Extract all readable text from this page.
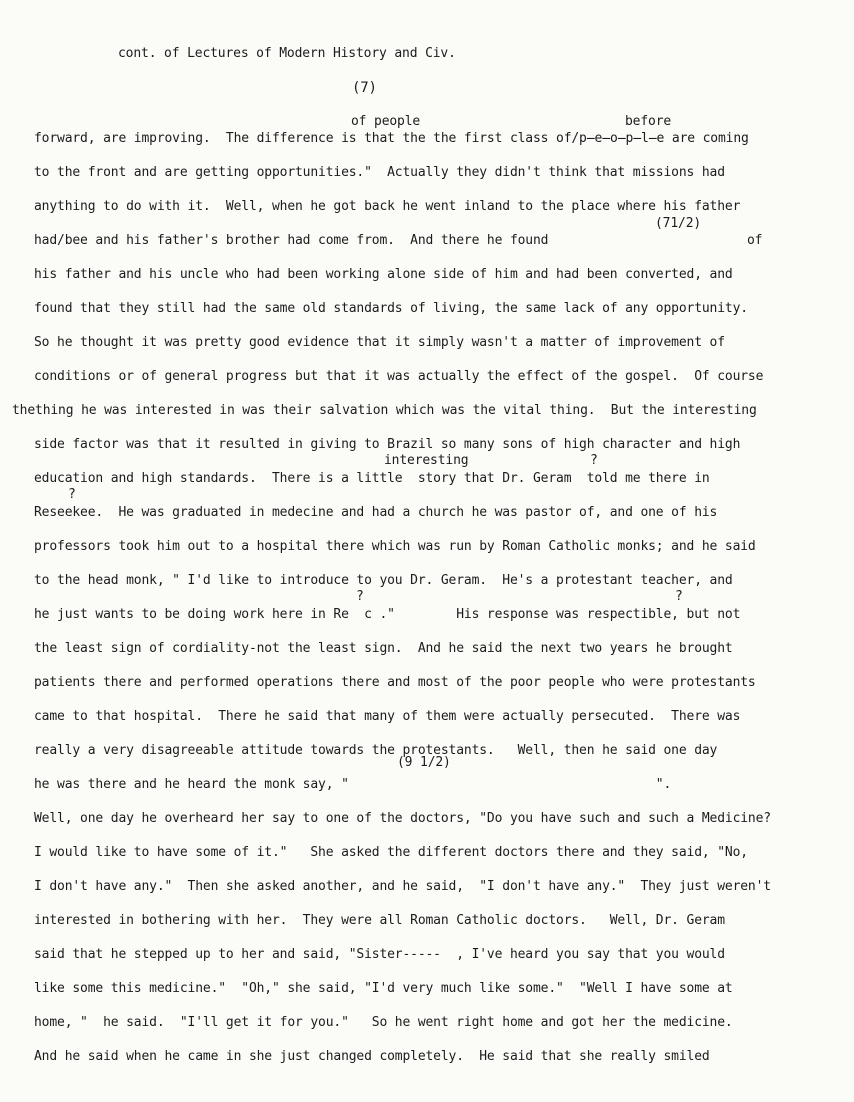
cont. of Lectures of Modern History and Civ.
(7)
of people	before
(71/2)
of
interesting	?
?
?	?
(9 1/2)
forward, are improving.  The difference is that the the first class of/p̶e̶o̶p̶l̶e are coming
to the front and are getting opportunities."  Actually they didn't think that missions had
anything to do with it.  Well, when he got back he went inland to the place where his father
had/bee and his father's brother had come from.  And there he found
his father and his uncle who had been working alone side of him and had been converted, and
found that they still had the same old standards of living, the same lack of any opportunity.
So he thought it was pretty good evidence that it simply wasn't a matter of improvement of
conditions or of general progress but that it was actually the effect of the gospel.  Of course
thething he was interested in was their salvation which was the vital thing.  But the interesting
side factor was that it resulted in giving to Brazil so many sons of high character and high
education and high standards.  There is a little  story that Dr. Geram  told me there in
Reseekee.  He was graduated in medecine and had a church he was pastor of, and one of his
professors took him out to a hospital there which was run by Roman Catholic monks; and he said
to the head monk, " I'd like to introduce to you Dr. Geram.  He's a protestant teacher, and
he just wants to be doing work here in Re  c ."        His response was respectible, but not
the least sign of cordiality-not the least sign.  And he said the next two years he brought
patients there and performed operations there and most of the poor people who were protestants
came to that hospital.  There he said that many of them were actually persecuted.  There was
really a very disagreeable attitude towards the protestants.   Well, then he said one day
he was there and he heard the monk say, "                                        ".
Well, one day he overheard her say to one of the doctors, "Do you have such and such a Medicine?
I would like to have some of it."   She asked the different doctors there and they said, "No,
I don't have any."  Then she asked another, and he said,  "I don't have any."  They just weren't
interested in bothering with her.  They were all Roman Catholic doctors.   Well, Dr. Geram
said that he stepped up to her and said, "Sister-----  , I've heard you say that you would
like some this medicine."  "Oh," she said, "I'd very much like some."  "Well I have some at
home, "  he said.  "I'll get it for you."   So he went right home and got her the medicine.
And he said when he came in she just changed completely.  He said that she really smiled
